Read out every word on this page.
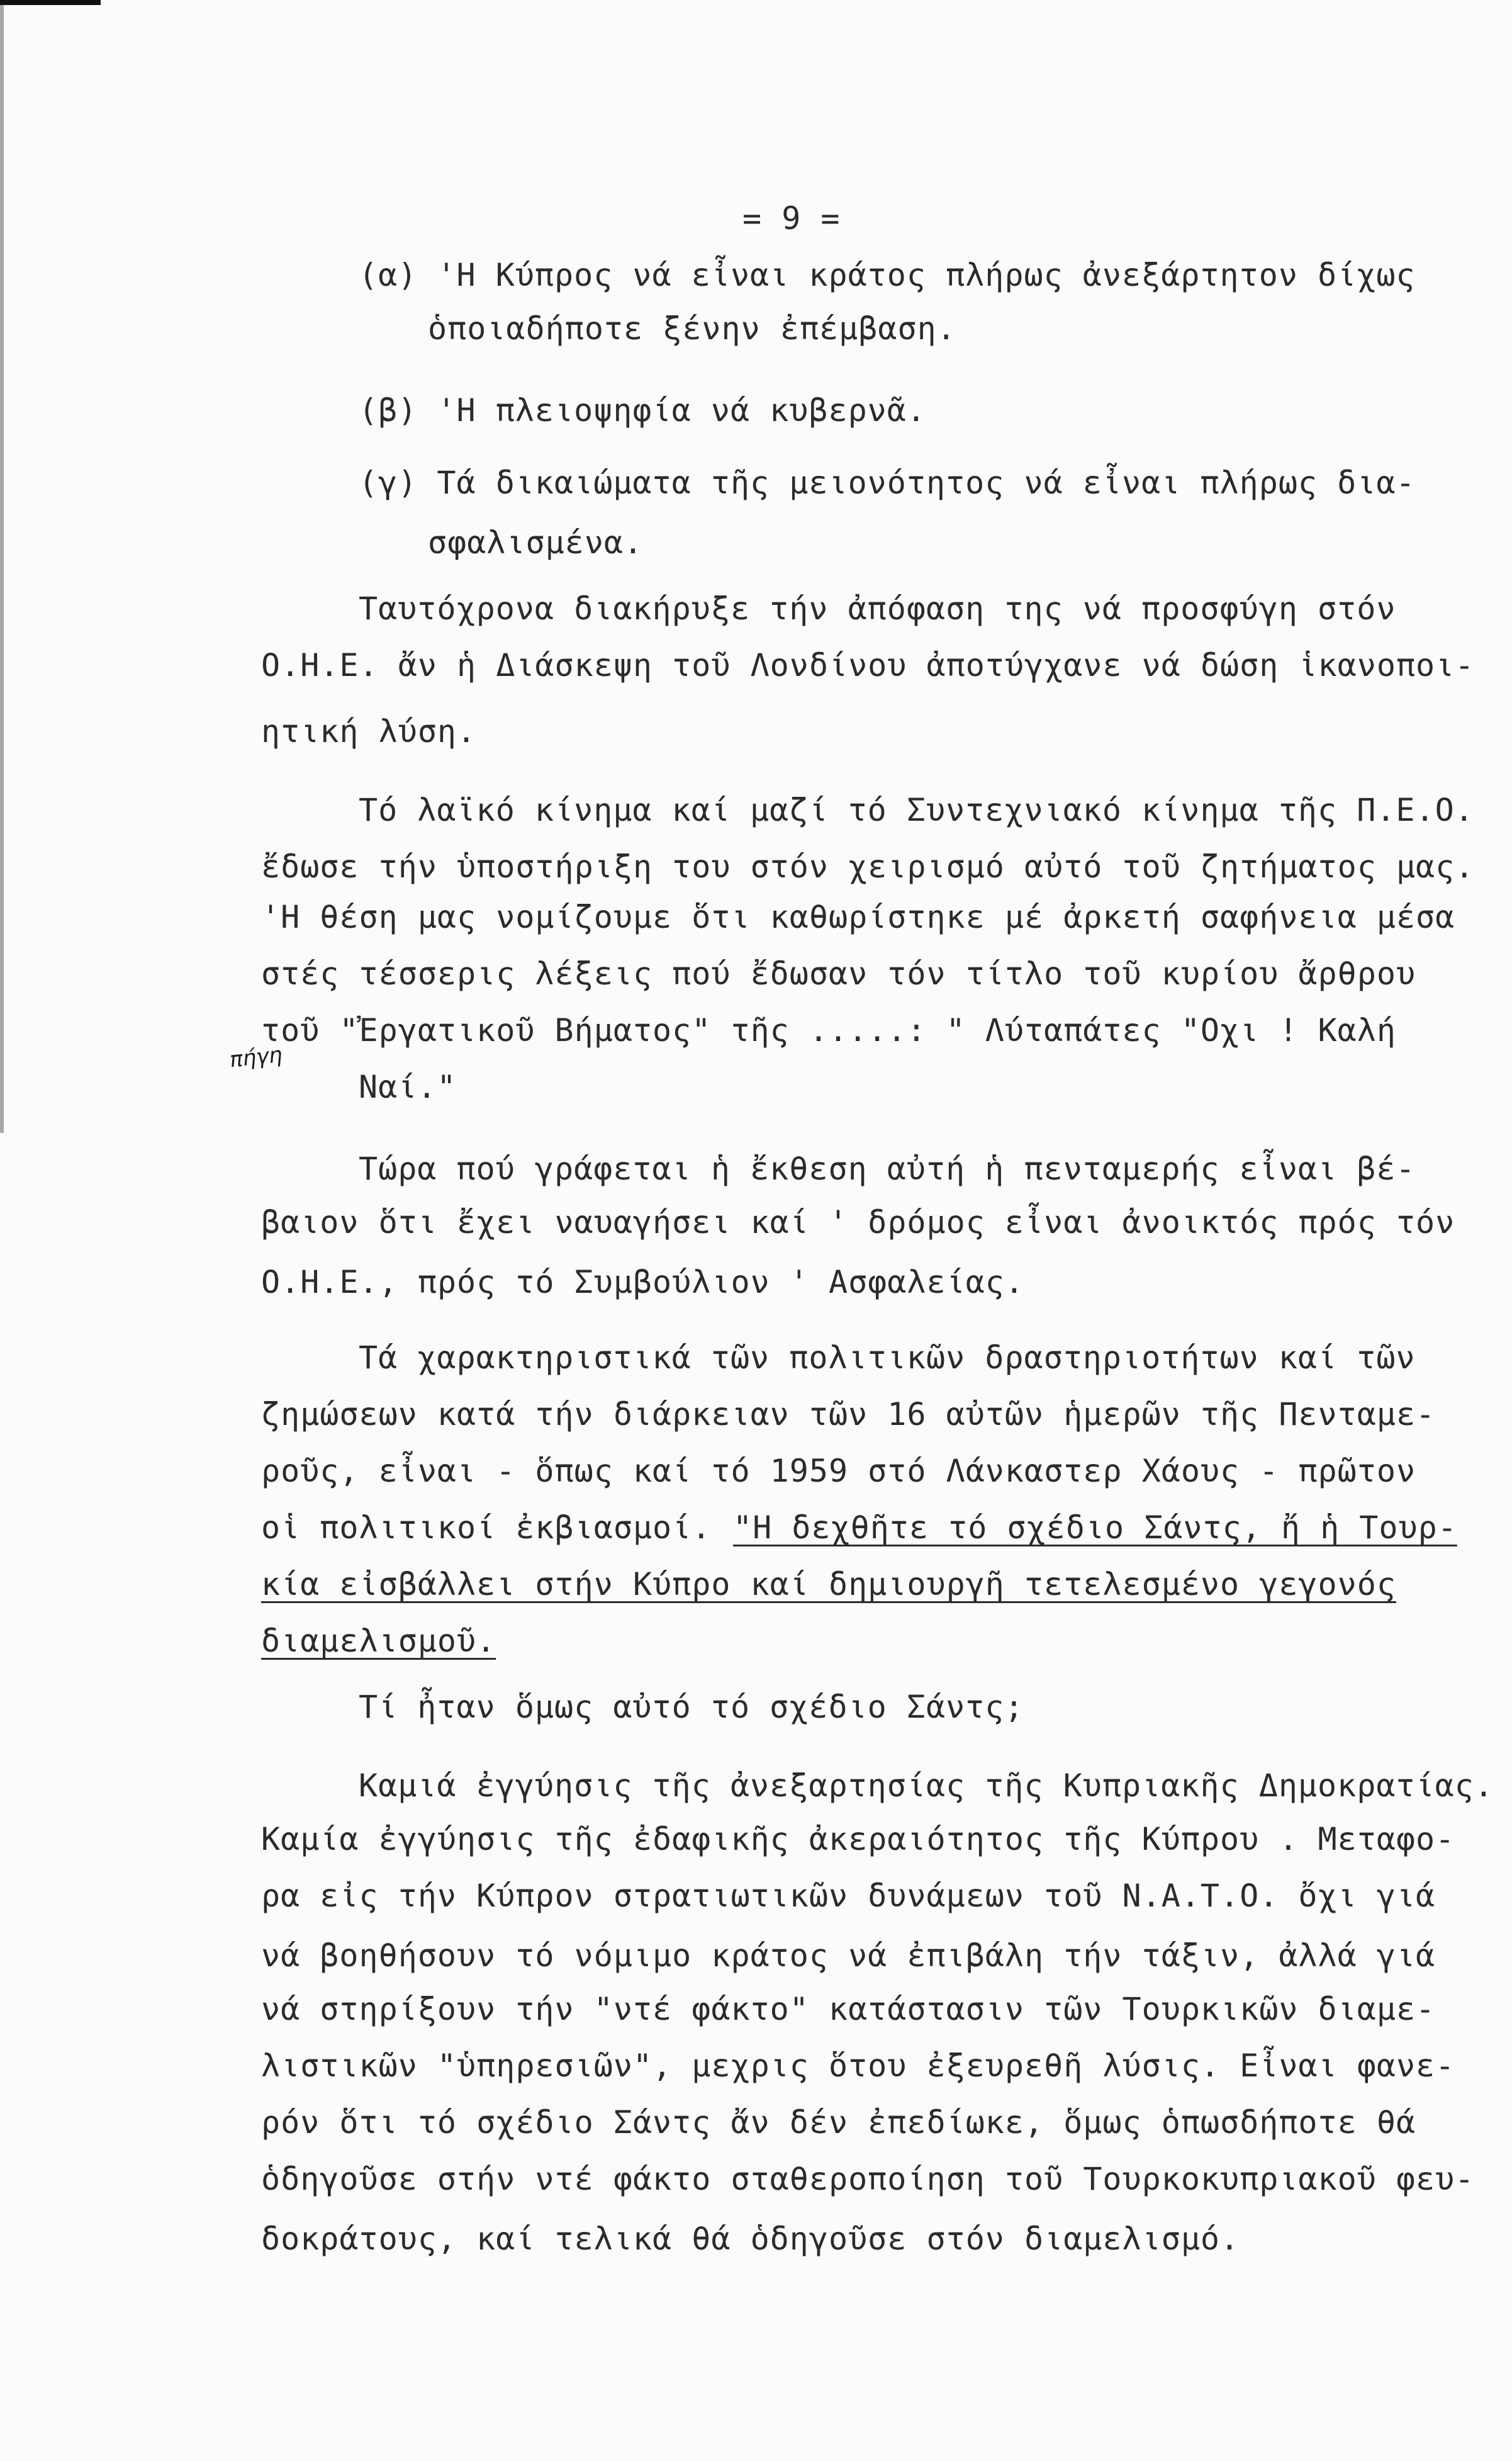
= 9 =
(α) 'Η Κύπρος νά εἶναι κράτος πλήρως ἀνεξάρτητον δίχως
ὁποιαδήποτε ξένην ἐπέμβαση.
(β) 'Η πλειοψηφία νά κυβερνᾶ.
(γ) Τά δικαιώματα τῆς μειονότητος νά εἶναι πλήρως δια-
σφαλισμένα.
Ταυτόχρονα διακήρυξε τήν ἀπόφαση της νά προσφύγη στόν
Ο.Η.Ε. ἄν ἡ Διάσκεψη τοῦ Λονδίνου ἀποτύγχανε νά δώση ἱκανοποι-
ητική λύση.
Τό λαϊκό κίνημα καί μαζί τό Συντεχνιακό κίνημα τῆς Π.Ε.Ο.
ἔδωσε τήν ὑποστήριξη του στόν χειρισμό αὐτό τοῦ ζητήματος μας.
'Η θέση μας νομίζουμε ὅτι καθωρίστηκε μέ ἀρκετή σαφήνεια μέσα
στές τέσσερις λέξεις πού ἔδωσαν τόν τίτλο τοῦ κυρίου ἄρθρου
τοῦ "Ἐργατικοῦ Βήματος" τῆς .....: " Λύταπάτες "Οχι ! Καλή
πήγη
Ναί."
Τώρα πού γράφεται ἡ ἔκθεση αὐτή ἡ πενταμερής εἶναι βέ-
βαιον ὅτι ἔχει ναυαγήσει καί ' δρόμος εἶναι ἀνοικτός πρός τόν
Ο.Η.Ε., πρός τό Συμβούλιον ' Ασφαλείας.
Τά χαρακτηριστικά τῶν πολιτικῶν δραστηριοτήτων καί τῶν
ζημώσεων κατά τήν διάρκειαν τῶν 16 αὐτῶν ἡμερῶν τῆς Πενταμε-
ροῦς, εἶναι - ὅπως καί τό 1959 στό Λάνκαστερ Χάους - πρῶτον
οἱ πολιτικοί ἐκβιασμοί. "Η δεχθῆτε τό σχέδιο Σάντς, ἤ ἡ Τουρ-
κία εἰσβάλλει στήν Κύπρο καί δημιουργῆ τετελεσμένο γεγονός
διαμελισμοῦ.
Τί ἦταν ὅμως αὐτό τό σχέδιο Σάντς;
Καμιά ἐγγύησις τῆς ἀνεξαρτησίας τῆς Κυπριακῆς Δημοκρατίας.
Καμία ἐγγύησις τῆς ἐδαφικῆς ἀκεραιότητος τῆς Κύπρου . Μεταφο-
ρα εἰς τήν Κύπρον στρατιωτικῶν δυνάμεων τοῦ Ν.Α.Τ.Ο. ὄχι γιά
νά βοηθήσουν τό νόμιμο κράτος νά ἐπιβάλη τήν τάξιν, ἀλλά γιά
νά στηρίξουν τήν "ντέ φάκτο" κατάστασιν τῶν Τουρκικῶν διαμε-
λιστικῶν "ὑπηρεσιῶν", μεχρις ὅτου ἐξευρεθῆ λύσις. Εἶναι φανε-
ρόν ὅτι τό σχέδιο Σάντς ἄν δέν ἐπεδίωκε, ὅμως ὁπωσδήποτε θά
ὁδηγοῦσε στήν ντέ φάκτο σταθεροποίηση τοῦ Τουρκοκυπριακοῦ φευ-
δοκράτους, καί τελικά θά ὁδηγοῦσε στόν διαμελισμό.
